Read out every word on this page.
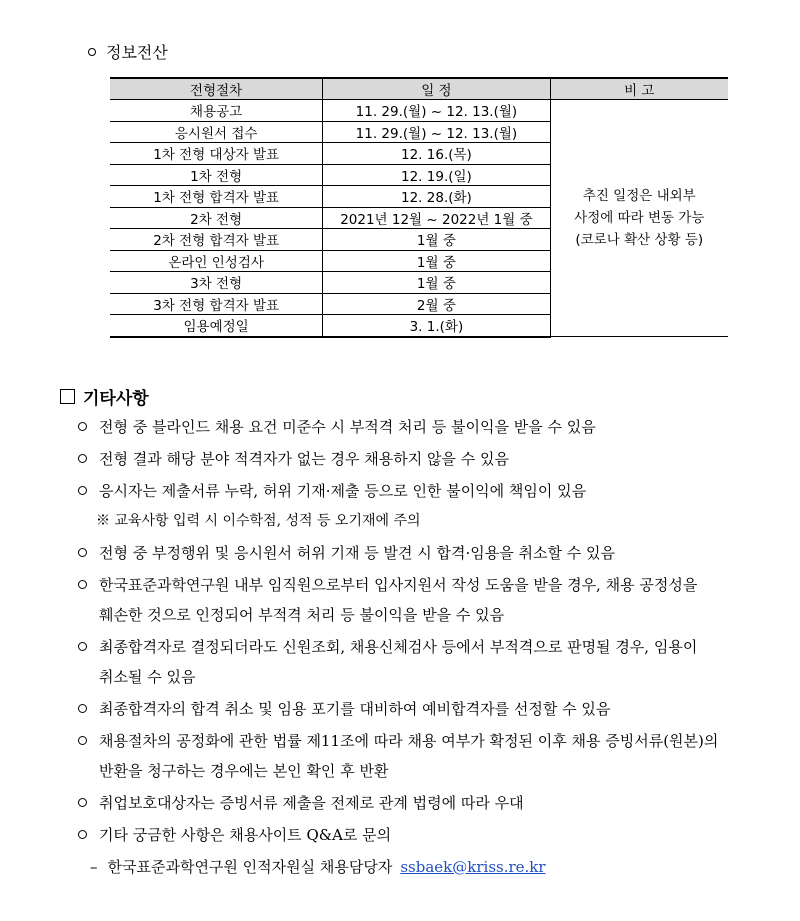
정보전산
전형절차	일 정	비 고
채용공고	11. 29.(월) ~ 12. 13.(월)	추진 일정은 내외부
사정에 따라 변동 가능
(코로나 확산 상황 등)

응시원서 접수	11. 29.(월) ~ 12. 13.(월)	
1차 전형 대상자 발표	12. 16.(목)	
1차 전형	12. 19.(일)	
1차 전형 합격자 발표	12. 28.(화)	
2차 전형	2021년 12월 ~ 2022년 1월 중	
2차 전형 합격자 발표	1월 중	
온라인 인성검사	1월 중	
3차 전형	1월 중	
3차 전형 합격자 발표	2월 중	
임용예정일	3. 1.(화)	
기타사항
전형 중 블라인드 채용 요건 미준수 시 부적격 처리 등 불이익을 받을 수 있음
전형 결과 해당 분야 적격자가 없는 경우 채용하지 않을 수 있음
응시자는 제출서류 누락, 허위 기재·제출 등으로 인한 불이익에 책임이 있음
※ 교육사항 입력 시 이수학점, 성적 등 오기재에 주의
전형 중 부정행위 및 응시원서 허위 기재 등 발견 시 합격·임용을 취소할 수 있음
한국표준과학연구원 내부 임직원으로부터 입사지원서 작성 도움을 받을 경우, 채용 공정성을
훼손한 것으로 인정되어 부적격 처리 등 불이익을 받을 수 있음
최종합격자로 결정되더라도 신원조회, 채용신체검사 등에서 부적격으로 판명될 경우, 임용이
취소될 수 있음
최종합격자의 합격 취소 및 임용 포기를 대비하여 예비합격자를 선정할 수 있음
채용절차의 공정화에 관한 법률 제11조에 따라 채용 여부가 확정된 이후 채용 증빙서류(원본)의
반환을 청구하는 경우에는 본인 확인 후 반환
취업보호대상자는 증빙서류 제출을 전제로 관계 법령에 따라 우대
기타 궁금한 사항은 채용사이트 Q&A로 문의
– 한국표준과학연구원 인적자원실 채용담당자 ssbaek@kriss.re.kr
